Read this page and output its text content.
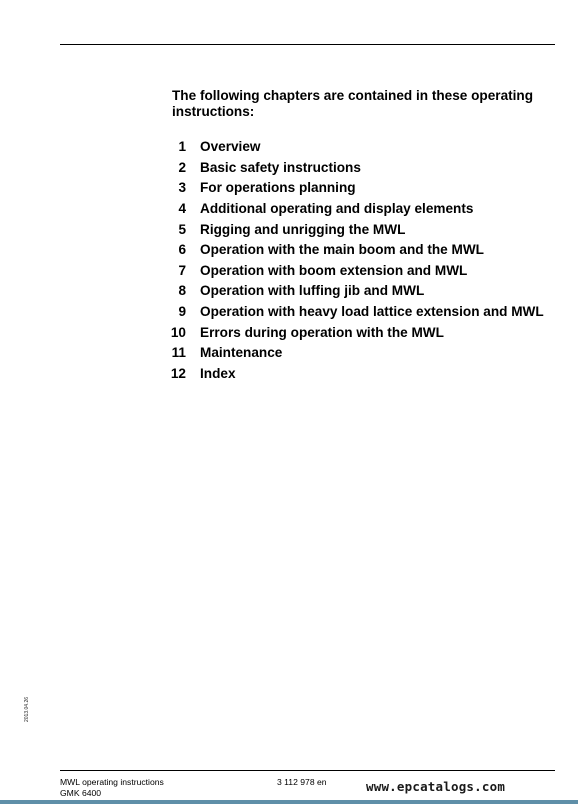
The following chapters are contained in these operating instructions:
1 Overview
2 Basic safety instructions
3 For operations planning
4 Additional operating and display elements
5 Rigging and unrigging the MWL
6 Operation with the main boom and the MWL
7 Operation with boom extension and MWL
8 Operation with luffing jib and MWL
9 Operation with heavy load lattice extension and MWL
10 Errors during operation with the MWL
11 Maintenance
12 Index
2013.04.26
MWL operating instructions
GMK 6400
3 112 978 en	www.epcatalogs.com
